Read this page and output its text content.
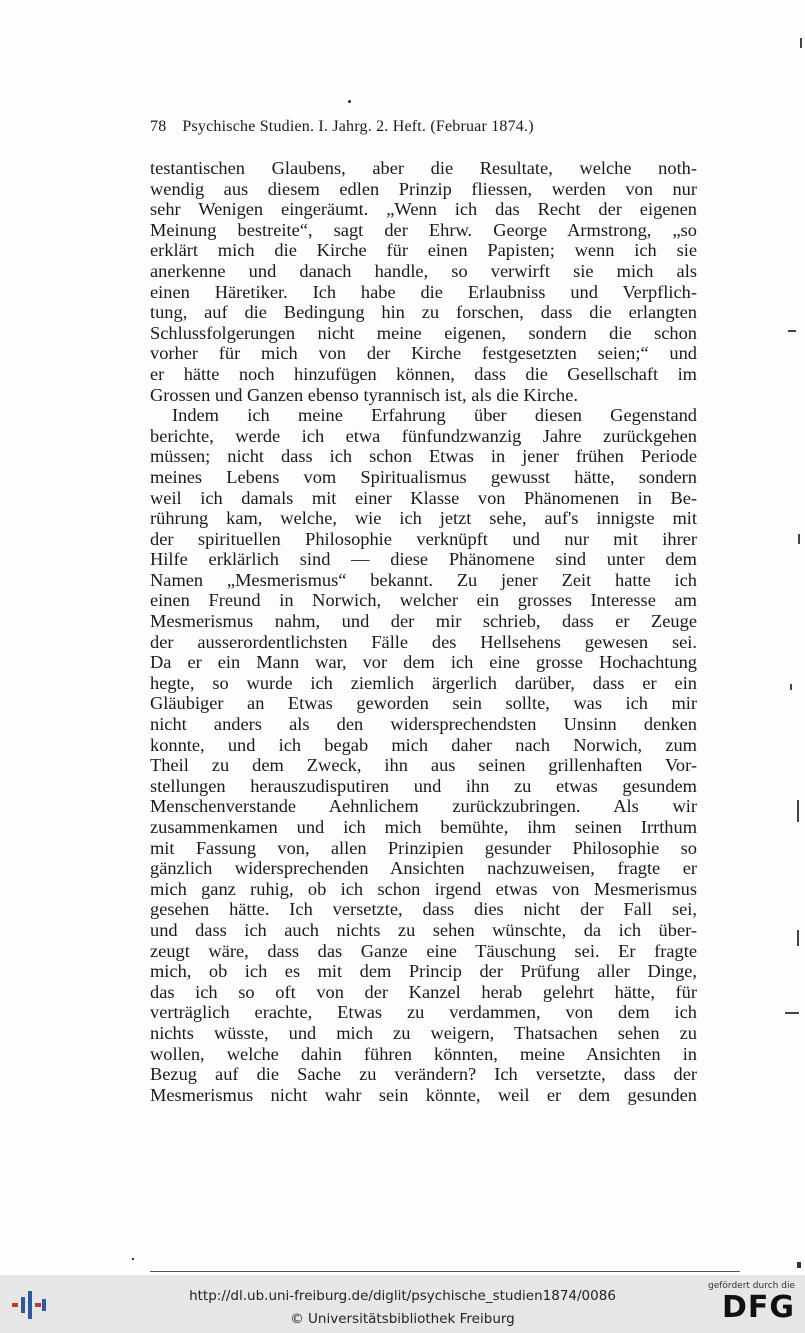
78 Psychische Studien. I. Jahrg. 2. Heft. (Februar 1874.)
testantischen Glaubens, aber die Resultate, welche noth-
wendig aus diesem edlen Prinzip fliessen, werden von nur
sehr Wenigen eingeräumt. „Wenn ich das Recht der eigenen
Meinung bestreite“, sagt der Ehrw. George Armstrong, „so
erklärt mich die Kirche für einen Papisten; wenn ich sie
anerkenne und danach handle, so verwirft sie mich als
einen Häretiker. Ich habe die Erlaubniss und Verpflich-
tung, auf die Bedingung hin zu forschen, dass die erlangten
Schlussfolgerungen nicht meine eigenen, sondern die schon
vorher für mich von der Kirche festgesetzten seien;“ und
er hätte noch hinzufügen können, dass die Gesellschaft im
Grossen und Ganzen ebenso tyrannisch ist, als die Kirche.
Indem ich meine Erfahrung über diesen Gegenstand
berichte, werde ich etwa fünfundzwanzig Jahre zurückgehen
müssen; nicht dass ich schon Etwas in jener frühen Periode
meines Lebens vom Spiritualismus gewusst hätte, sondern
weil ich damals mit einer Klasse von Phänomenen in Be-
rührung kam, welche, wie ich jetzt sehe, auf's innigste mit
der spirituellen Philosophie verknüpft und nur mit ihrer
Hilfe erklärlich sind — diese Phänomene sind unter dem
Namen „Mesmerismus“ bekannt. Zu jener Zeit hatte ich
einen Freund in Norwich, welcher ein grosses Interesse am
Mesmerismus nahm, und der mir schrieb, dass er Zeuge
der ausserordentlichsten Fälle des Hellsehens gewesen sei.
Da er ein Mann war, vor dem ich eine grosse Hochachtung
hegte, so wurde ich ziemlich ärgerlich darüber, dass er ein
Gläubiger an Etwas geworden sein sollte, was ich mir
nicht anders als den widersprechendsten Unsinn denken
konnte, und ich begab mich daher nach Norwich, zum
Theil zu dem Zweck, ihn aus seinen grillenhaften Vor-
stellungen herauszudisputiren und ihn zu etwas gesundem
Menschenverstande Aehnlichem zurückzubringen. Als wir
zusammenkamen und ich mich bemühte, ihm seinen Irrthum
mit Fassung von, allen Prinzipien gesunder Philosophie so
gänzlich widersprechenden Ansichten nachzuweisen, fragte er
mich ganz ruhig, ob ich schon irgend etwas von Mesmerismus
gesehen hätte. Ich versetzte, dass dies nicht der Fall sei,
und dass ich auch nichts zu sehen wünschte, da ich über-
zeugt wäre, dass das Ganze eine Täuschung sei. Er fragte
mich, ob ich es mit dem Princip der Prüfung aller Dinge,
das ich so oft von der Kanzel herab gelehrt hätte, für
verträglich erachte, Etwas zu verdammen, von dem ich
nichts wüsste, und mich zu weigern, Thatsachen sehen zu
wollen, welche dahin führen könnten, meine Ansichten in
Bezug auf die Sache zu verändern? Ich versetzte, dass der
Mesmerismus nicht wahr sein könnte, weil er dem gesunden
http://dl.ub.uni-freiburg.de/diglit/psychische_studien1874/0086
© Universitätsbibliothek Freiburg
gefördert durch die
DFG
